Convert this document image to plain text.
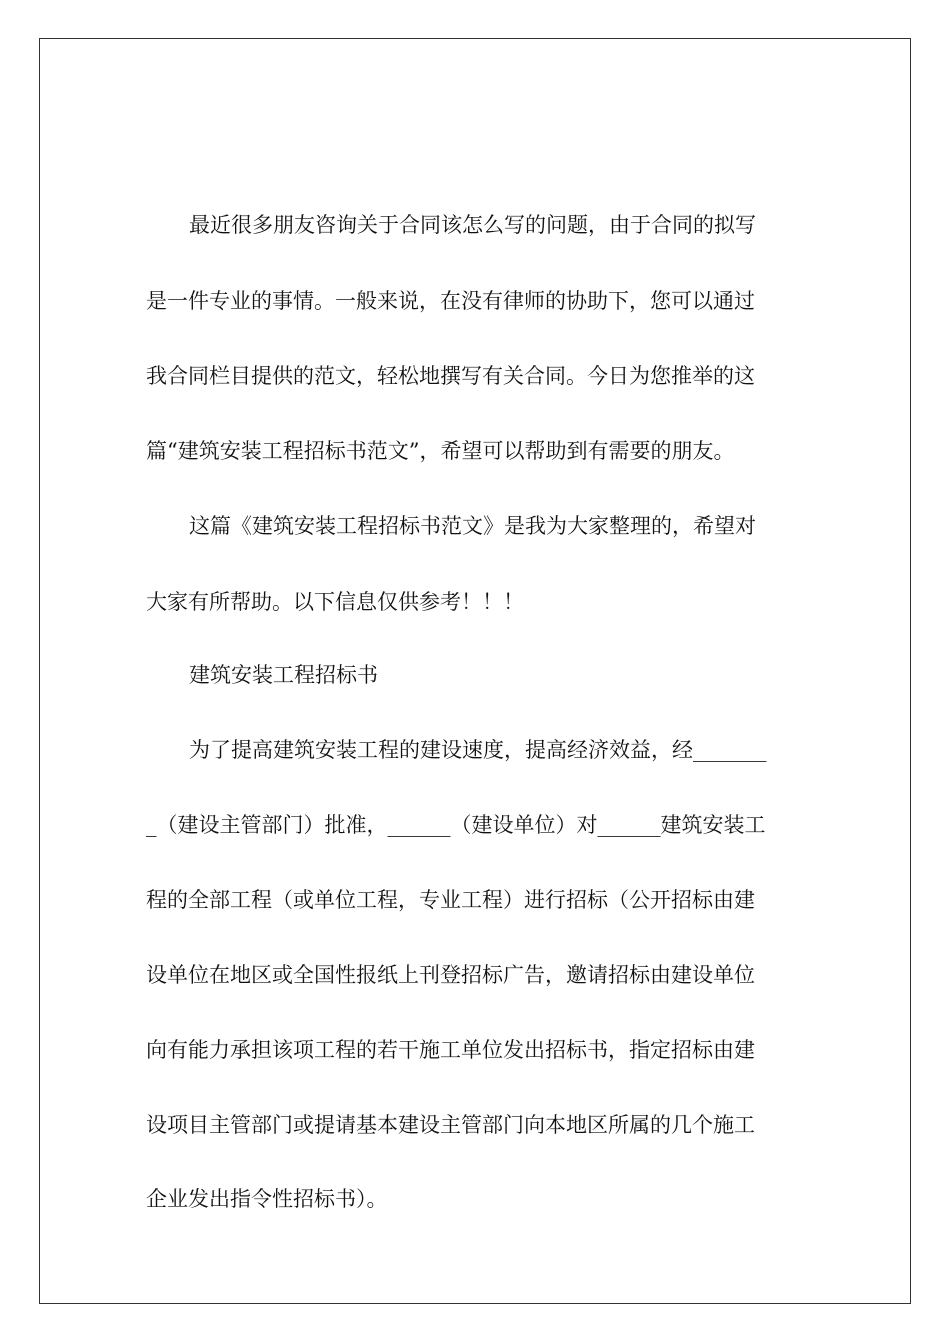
最近很多朋友咨询关于合同该怎么写的问题，由于合同的拟写
是一件专业的事情。一般来说，在没有律师的协助下，您可以通过
我合同栏目提供的范文，轻松地撰写有关合同。今日为您推举的这
篇“建筑安装工程招标书范文”，希望可以帮助到有需要的朋友。
这篇《建筑安装工程招标书范文》是我为大家整理的，希望对
大家有所帮助。以下信息仅供参考！！！
建筑安装工程招标书
为了提高建筑安装工程的建设速度，提高经济效益，经_______
_（建设主管部门）批准，______（建设单位）对______建筑安装工
程的全部工程（或单位工程，专业工程）进行招标（公开招标由建
设单位在地区或全国性报纸上刊登招标广告，邀请招标由建设单位
向有能力承担该项工程的若干施工单位发出招标书，指定招标由建
设项目主管部门或提请基本建设主管部门向本地区所属的几个施工
企业发出指令性招标书）。
